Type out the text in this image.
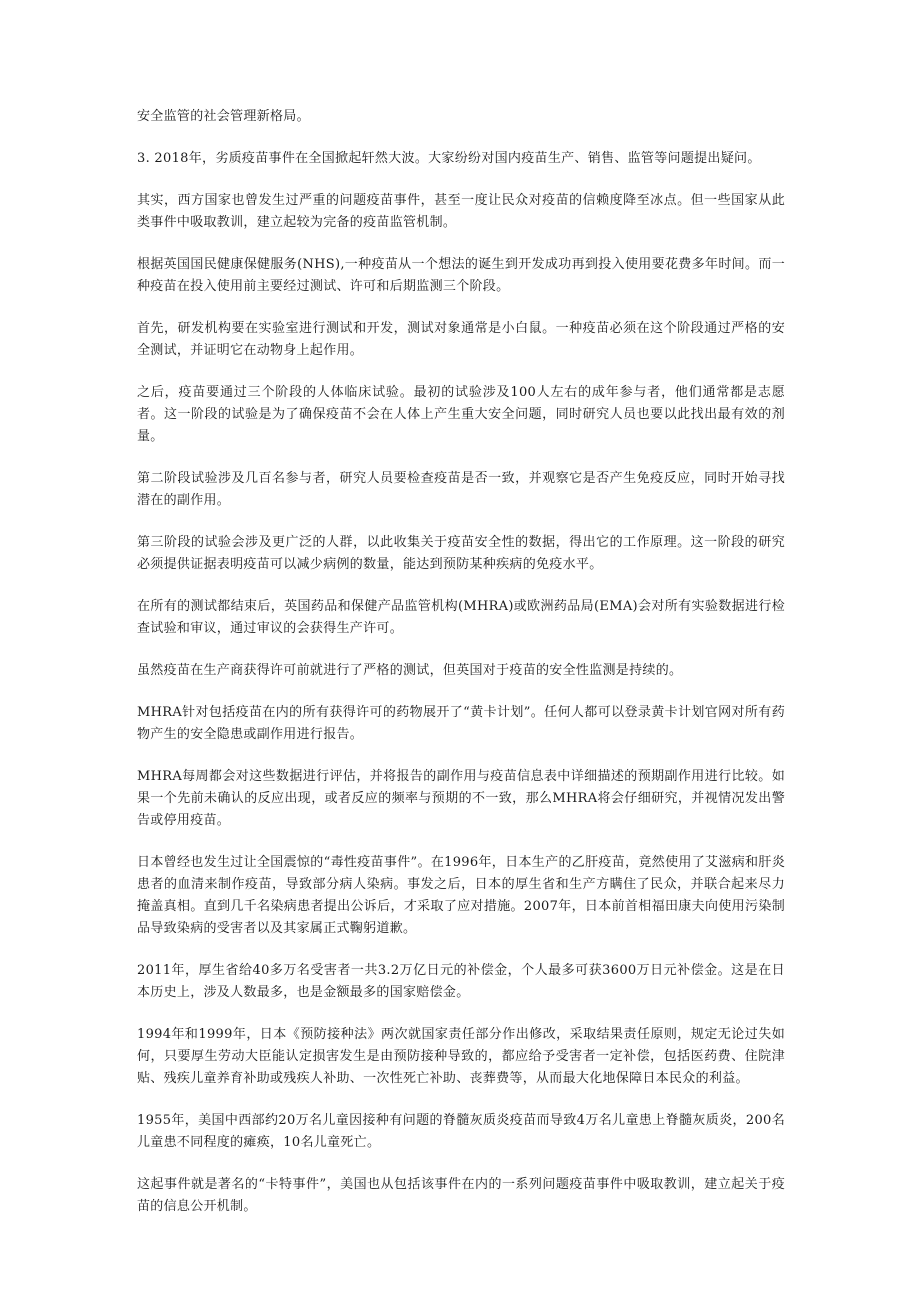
安全监管的社会管理新格局。

3. 2018年，劣质疫苗事件在全国掀起轩然大波。大家纷纷对国内疫苗生产、销售、监管等问题提出疑问。

其实，西方国家也曾发生过严重的问题疫苗事件，甚至一度让民众对疫苗的信赖度降至冰点。但一些国家从此类事件中吸取教训，建立起较为完备的疫苗监管机制。

根据英国国民健康保健服务(NHS),一种疫苗从一个想法的诞生到开发成功再到投入使用要花费多年时间。而一种疫苗在投入使用前主要经过测试、许可和后期监测三个阶段。

首先，研发机构要在实验室进行测试和开发，测试对象通常是小白鼠。一种疫苗必须在这个阶段通过严格的安全测试，并证明它在动物身上起作用。

之后，疫苗要通过三个阶段的人体临床试验。最初的试验涉及100人左右的成年参与者，他们通常都是志愿者。这一阶段的试验是为了确保疫苗不会在人体上产生重大安全问题，同时研究人员也要以此找出最有效的剂量。

第二阶段试验涉及几百名参与者，研究人员要检查疫苗是否一致，并观察它是否产生免疫反应，同时开始寻找潜在的副作用。

第三阶段的试验会涉及更广泛的人群，以此收集关于疫苗安全性的数据，得出它的工作原理。这一阶段的研究必须提供证据表明疫苗可以减少病例的数量，能达到预防某种疾病的免疫水平。

在所有的测试都结束后，英国药品和保健产品监管机构(MHRA)或欧洲药品局(EMA)会对所有实验数据进行检查试验和审议，通过审议的会获得生产许可。

虽然疫苗在生产商获得许可前就进行了严格的测试，但英国对于疫苗的安全性监测是持续的。

MHRA针对包括疫苗在内的所有获得许可的药物展开了“黄卡计划”。任何人都可以登录黄卡计划官网对所有药物产生的安全隐患或副作用进行报告。

MHRA每周都会对这些数据进行评估，并将报告的副作用与疫苗信息表中详细描述的预期副作用进行比较。如果一个先前未确认的反应出现，或者反应的频率与预期的不一致，那么MHRA将会仔细研究，并视情况发出警告或停用疫苗。

日本曾经也发生过让全国震惊的“毒性疫苗事件”。在1996年，日本生产的乙肝疫苗，竟然使用了艾滋病和肝炎患者的血清来制作疫苗，导致部分病人染病。事发之后，日本的厚生省和生产方瞒住了民众，并联合起来尽力掩盖真相。直到几千名染病患者提出公诉后，才采取了应对措施。2007年，日本前首相福田康夫向使用污染制品导致染病的受害者以及其家属正式鞠躬道歉。

2011年，厚生省给40多万名受害者一共3.2万亿日元的补偿金，个人最多可获3600万日元补偿金。这是在日本历史上，涉及人数最多，也是金额最多的国家赔偿金。

1994年和1999年，日本《预防接种法》两次就国家责任部分作出修改，采取结果责任原则，规定无论过失如何，只要厚生劳动大臣能认定损害发生是由预防接种导致的，都应给予受害者一定补偿，包括医药费、住院津贴、残疾儿童养育补助或残疾人补助、一次性死亡补助、丧葬费等，从而最大化地保障日本民众的利益。

1955年，美国中西部约20万名儿童因接种有问题的脊髓灰质炎疫苗而导致4万名儿童患上脊髓灰质炎，200名儿童患不同程度的瘫痪，10名儿童死亡。

这起事件就是著名的“卡特事件”，美国也从包括该事件在内的一系列问题疫苗事件中吸取教训，建立起关于疫苗的信息公开机制。
